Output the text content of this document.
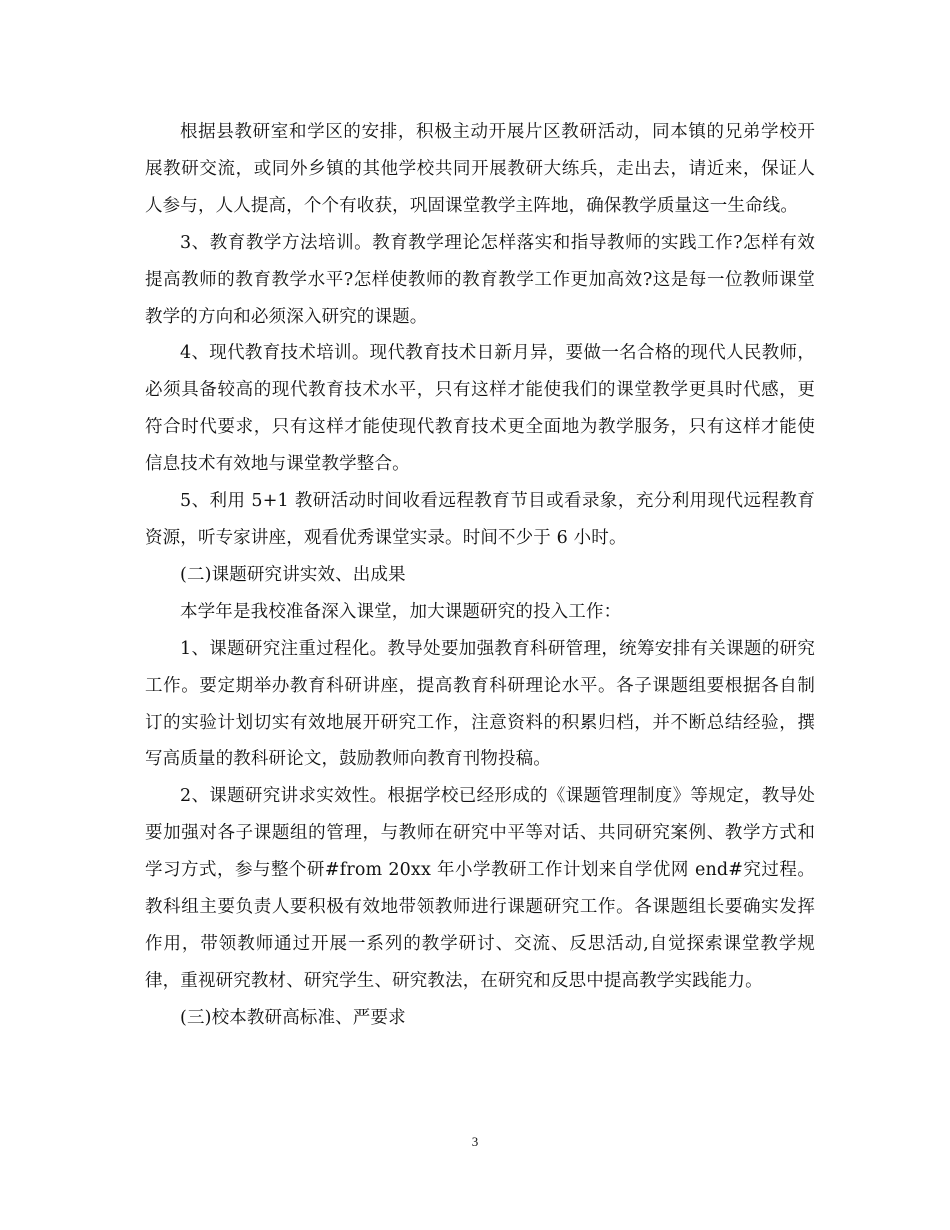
根据县教研室和学区的安排，积极主动开展片区教研活动，同本镇的兄弟学校开展教研交流，或同外乡镇的其他学校共同开展教研大练兵，走出去，请近来，保证人人参与，人人提高，个个有收获，巩固课堂教学主阵地，确保教学质量这一生命线。

3、教育教学方法培训。教育教学理论怎样落实和指导教师的实践工作?怎样有效提高教师的教育教学水平?怎样使教师的教育教学工作更加高效?这是每一位教师课堂教学的方向和必须深入研究的课题。

4、现代教育技术培训。现代教育技术日新月异，要做一名合格的现代人民教师，必须具备较高的现代教育技术水平，只有这样才能使我们的课堂教学更具时代感，更符合时代要求，只有这样才能使现代教育技术更全面地为教学服务，只有这样才能使信息技术有效地与课堂教学整合。

5、利用 5+1 教研活动时间收看远程教育节目或看录象，充分利用现代远程教育资源，听专家讲座，观看优秀课堂实录。时间不少于 6 小时。

(二)课题研究讲实效、出成果

本学年是我校准备深入课堂，加大课题研究的投入工作：

1、课题研究注重过程化。教导处要加强教育科研管理，统筹安排有关课题的研究工作。要定期举办教育科研讲座，提高教育科研理论水平。各子课题组要根据各自制订的实验计划切实有效地展开研究工作，注意资料的积累归档，并不断总结经验，撰写高质量的教科研论文，鼓励教师向教育刊物投稿。

2、课题研究讲求实效性。根据学校已经形成的《课题管理制度》等规定，教导处要加强对各子课题组的管理，与教师在研究中平等对话、共同研究案例、教学方式和学习方式，参与整个研#from 20xx 年小学教研工作计划来自学优网 end#究过程。教科组主要负责人要积极有效地带领教师进行课题研究工作。各课题组长要确实发挥作用，带领教师通过开展一系列的教学研讨、交流、反思活动,自觉探索课堂教学规律，重视研究教材、研究学生、研究教法，在研究和反思中提高教学实践能力。

(三)校本教研高标准、严要求

3
